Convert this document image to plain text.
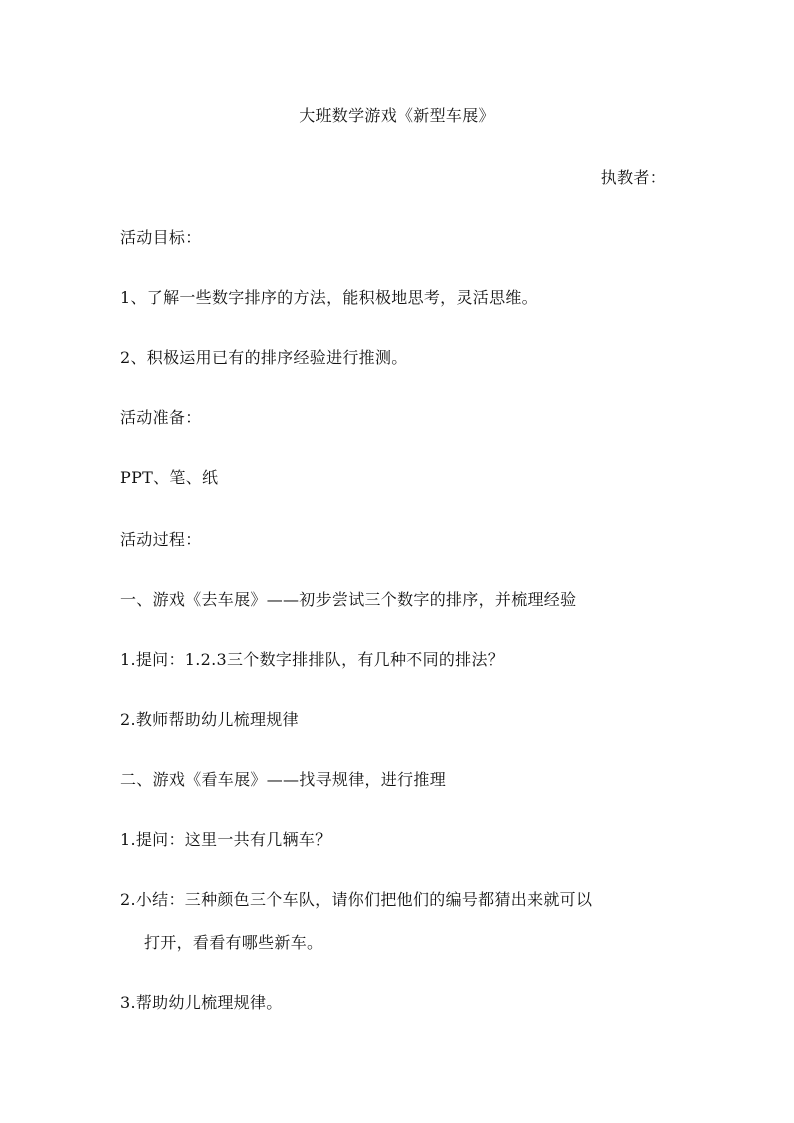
大班数学游戏《新型车展》
执教者：
活动目标：
1、了解一些数字排序的方法，能积极地思考，灵活思维。
2、积极运用已有的排序经验进行推测。
活动准备：
PPT、笔、纸
活动过程：
一、游戏《去车展》——初步尝试三个数字的排序，并梳理经验
1.提问：1.2.3三个数字排排队，有几种不同的排法？
2.教师帮助幼儿梳理规律
二、游戏《看车展》——找寻规律，进行推理
1.提问：这里一共有几辆车？
2.小结：三种颜色三个车队，请你们把他们的编号都猜出来就可以
打开，看看有哪些新车。
3.帮助幼儿梳理规律。
